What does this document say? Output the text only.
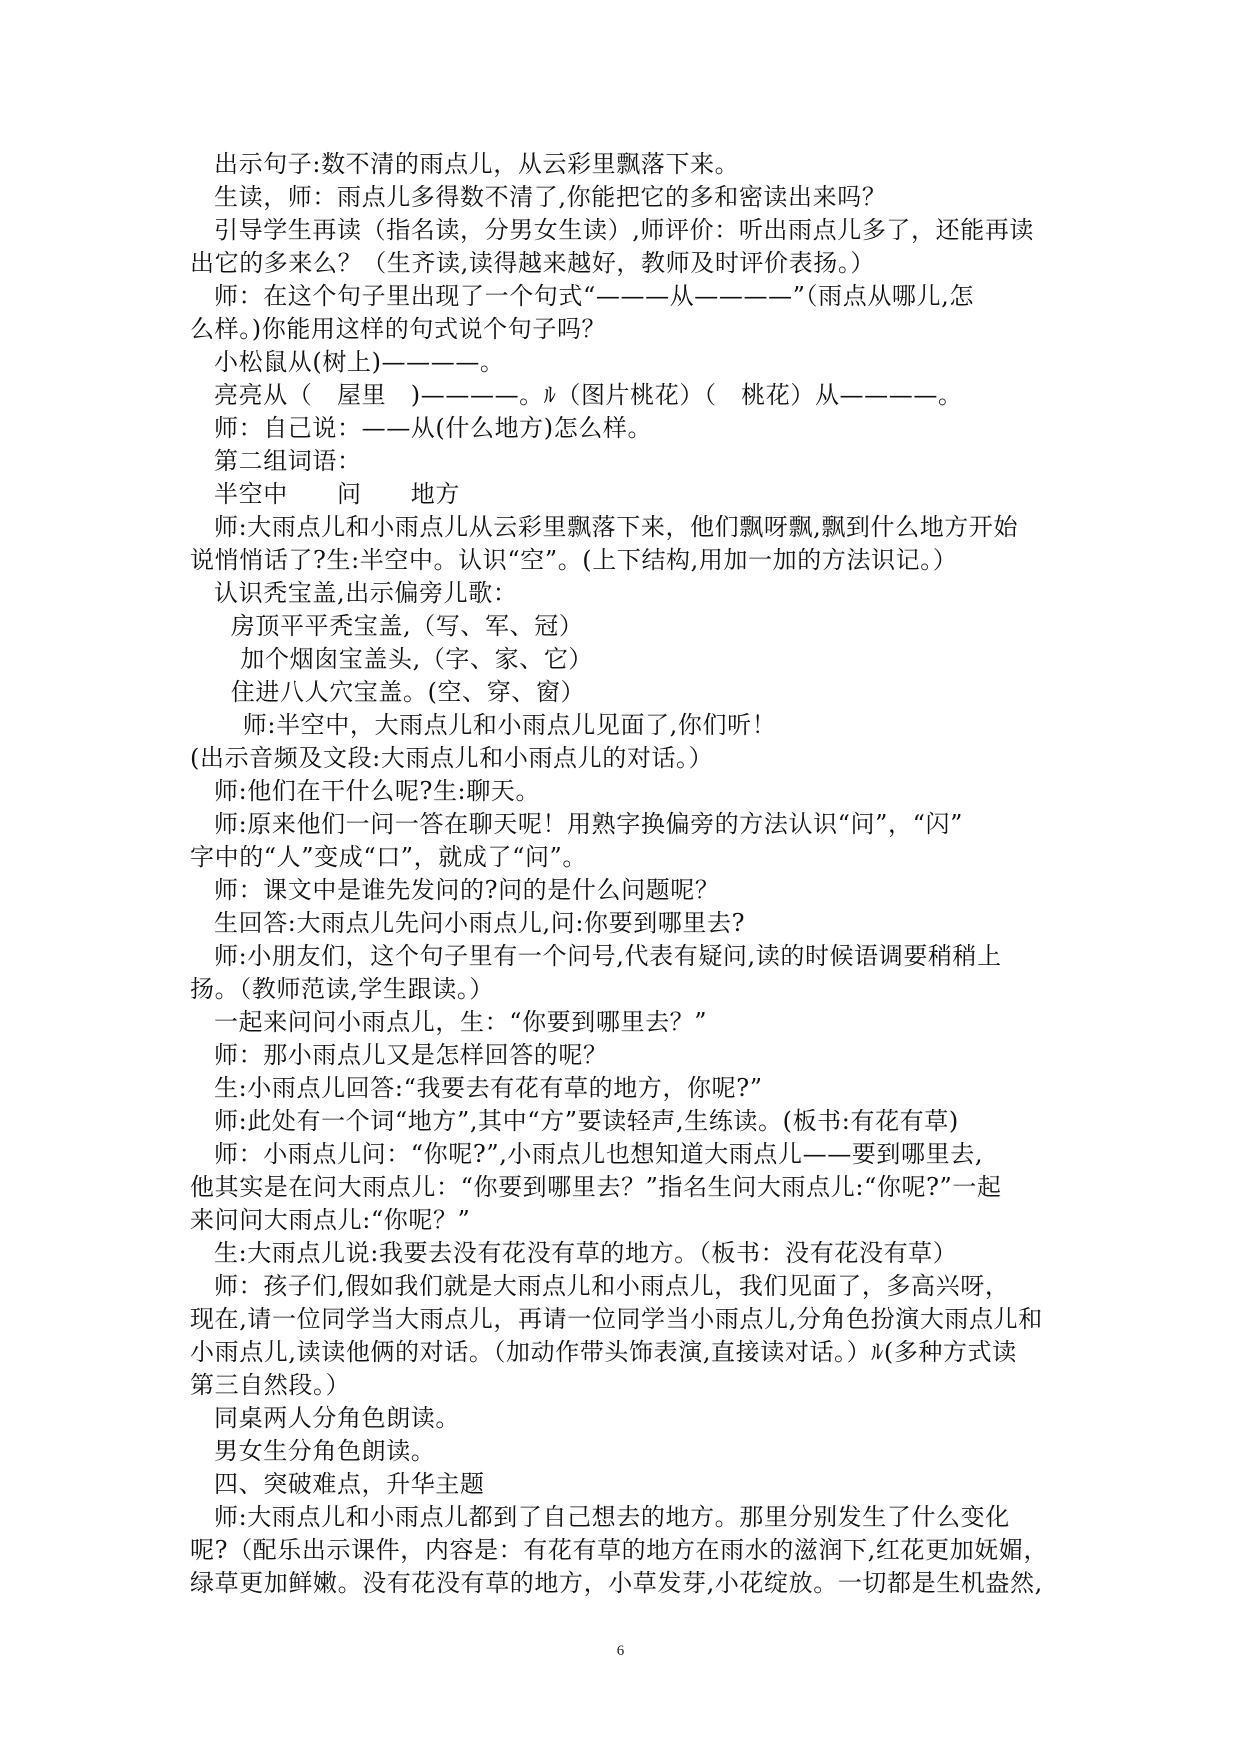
出示句子:数不清的雨点儿，从云彩里飘落下来。
生读，师：雨点儿多得数不清了,你能把它的多和密读出来吗？
引导学生再读（指名读，分男女生读）,师评价：听出雨点儿多了，还能再读
出它的多来么？（生齐读,读得越来越好，教师及时评价表扬。）
师：在这个句子里出现了一个句式“———从————”（雨点从哪儿,怎
么样。)你能用这样的句式说个句子吗？
小松鼠从(树上)————。
亮亮从（　屋里　)————。﻿ﾙ（图片桃花）（　桃花）从————。
师：自己说：——从(什么地方)怎么样。
第二组词语：
半空中　　问　　地方
师:大雨点儿和小雨点儿从云彩里飘落下来，他们飘呀飘,飘到什么地方开始
说悄悄话了?生:半空中。认识“空”。(上下结构,用加一加的方法识记。）
认识秃宝盖,出示偏旁儿歌：
房顶平平秃宝盖,（写、军、冠）
加个烟囱宝盖头,（字、家、它）
住进八人穴宝盖。(空、穿、窗）
师:半空中，大雨点儿和小雨点儿见面了,你们听！
(出示音频及文段:大雨点儿和小雨点儿的对话。）
师:他们在干什么呢?生:聊天。
师:原来他们一问一答在聊天呢！用熟字换偏旁的方法认识“问”，“闪”
字中的“人”变成“口”，就成了“问”。
师：课文中是谁先发问的?问的是什么问题呢？
生回答:大雨点儿先问小雨点儿,问:你要到哪里去?
师:小朋友们，这个句子里有一个问号,代表有疑问,读的时候语调要稍稍上
扬。（教师范读,学生跟读。）
一起来问问小雨点儿，生：“你要到哪里去？”
师：那小雨点儿又是怎样回答的呢？
生:小雨点儿回答:“我要去有花有草的地方，你呢?”
师:此处有一个词“地方”,其中“方”要读轻声,生练读。(板书:有花有草)
师：小雨点儿问：“你呢?”,小雨点儿也想知道大雨点儿——要到哪里去,
他其实是在问大雨点儿：“你要到哪里去？”指名生问大雨点儿:“你呢?”一起
来问问大雨点儿:“你呢？”
生:大雨点儿说:我要去没有花没有草的地方。（板书：没有花没有草）
师：孩子们,假如我们就是大雨点儿和小雨点儿，我们见面了，多高兴呀，
现在,请一位同学当大雨点儿，再请一位同学当小雨点儿,分角色扮演大雨点儿和
小雨点儿,读读他俩的对话。（加动作带头饰表演,直接读对话。）﻿ﾙ(多种方式读
第三自然段。）
同桌两人分角色朗读。
男女生分角色朗读。
四、突破难点，升华主题
师:大雨点儿和小雨点儿都到了自己想去的地方。那里分别发生了什么变化
呢?（配乐出示课件，内容是：有花有草的地方在雨水的滋润下,红花更加妩媚，
绿草更加鲜嫩。没有花没有草的地方，小草发芽,小花绽放。一切都是生机盎然,
6
